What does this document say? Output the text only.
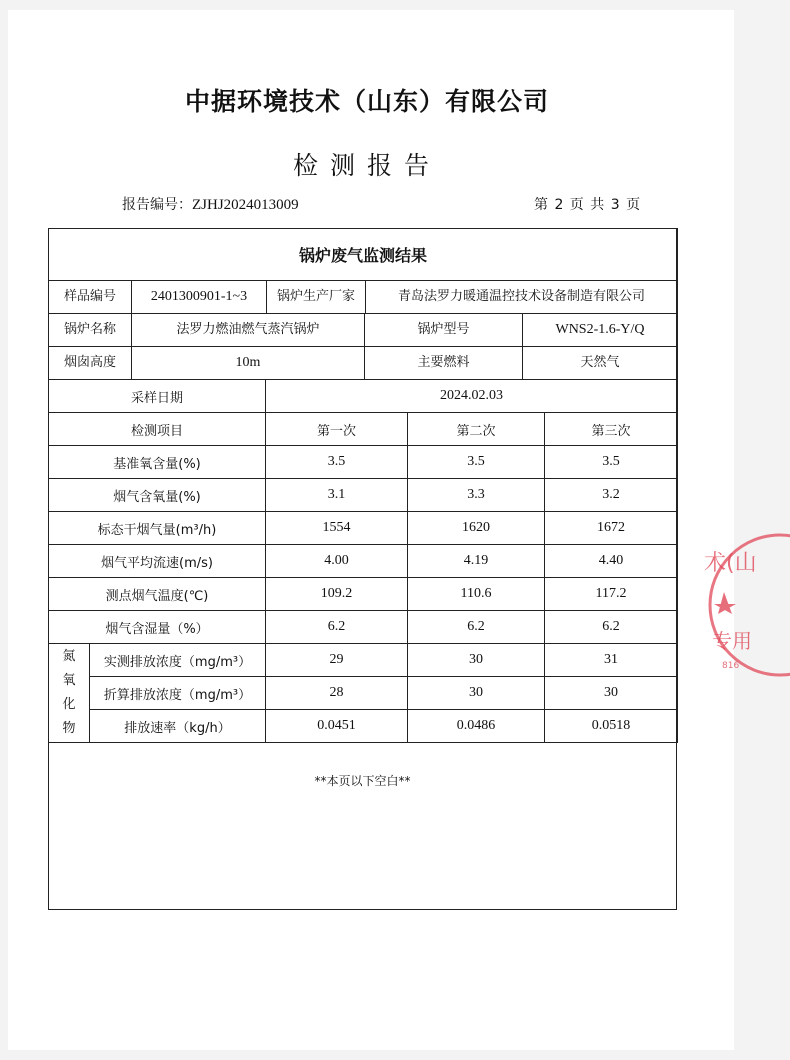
中据环境技术（山东）有限公司
检测报告
报告编号：ZJHJ2024013009	第 2 页 共 3 页
锅炉废气监测结果				

样品编号 2401300901-1~3 锅炉生产厂家 青岛法罗力暖通温控技术设备制造有限公司				

锅炉名称 法罗力燃油燃气蒸汽锅炉 锅炉型号 WNS2-1.6-Y/Q				

烟囱高度 10m 主要燃料 天然气				

采样日期		2024.02.03		
检测项目		第一次	第二次	第三次
基准氧含量(%)		3.5	3.5	3.5
烟气含氧量(%)		3.1	3.3	3.2
标态干烟气量(m³/h)		1554	1620	1672
烟气平均流速(m/s)		4.00	4.19	4.40
测点烟气温度(℃)		109.2	110.6	117.2
烟气含湿量（%）		6.2	6.2	6.2

氮
氧
化
物	实测排放浓度（mg/m³）	29	30	31
	折算排放浓度（mg/m³）	28	30	30
	排放速率（kg/h）	0.0451	0.0486	0.0518
**本页以下空白**
术(山
专用
816
